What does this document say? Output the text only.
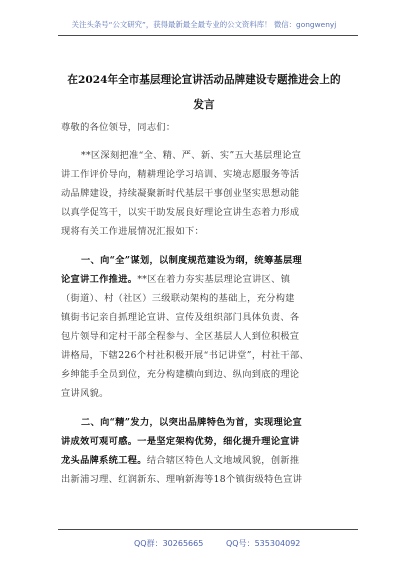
关注头条号“公文研究”，获得最新最全最专业的公文资料库！ 微信：gongwenyj
在2024年全市基层理论宣讲活动品牌建设专题推进会上的
发言

尊敬的各位领导，同志们：

**区深刻把准“全、精、严、新、实”五大基层理论宣
讲工作评价导向，精耕理论学习培训、实境志愿服务等活
动品牌建设，持续凝聚新时代基层干事创业坚实思想动能
以真学促笃干，以实干助发展良好理论宣讲生态着力形成
现将有关工作进展情况汇报如下：

一、向“全”谋划，以制度规范建设为纲，统筹基层理
论宣讲工作推进。**区在着力夯实基层理论宣讲区、镇
（街道）、村（社区）三级联动架构的基础上，充分构建
镇街书记亲自抓理论宣讲、宣传及组织部门具体负责、各
包片领导和定村干部全程参与、全区基层人人到位积极宣
讲格局，下辖226个村社积极开展“书记讲堂”，村社干部、
乡绅能手全员到位，充分构建横向到边、纵向到底的理论
宣讲风貌。

二、向“精”发力，以突出品牌特色为首，实现理论宣
讲成效可观可感。一是坚定架构优势，细化提升理论宣讲
龙头品牌系统工程。结合辖区特色人文地域风貌，创新推
出新浦习理、红润新东、理响新海等18个镇街级特色宣讲

QQ群：30265665	QQ号：535304092
